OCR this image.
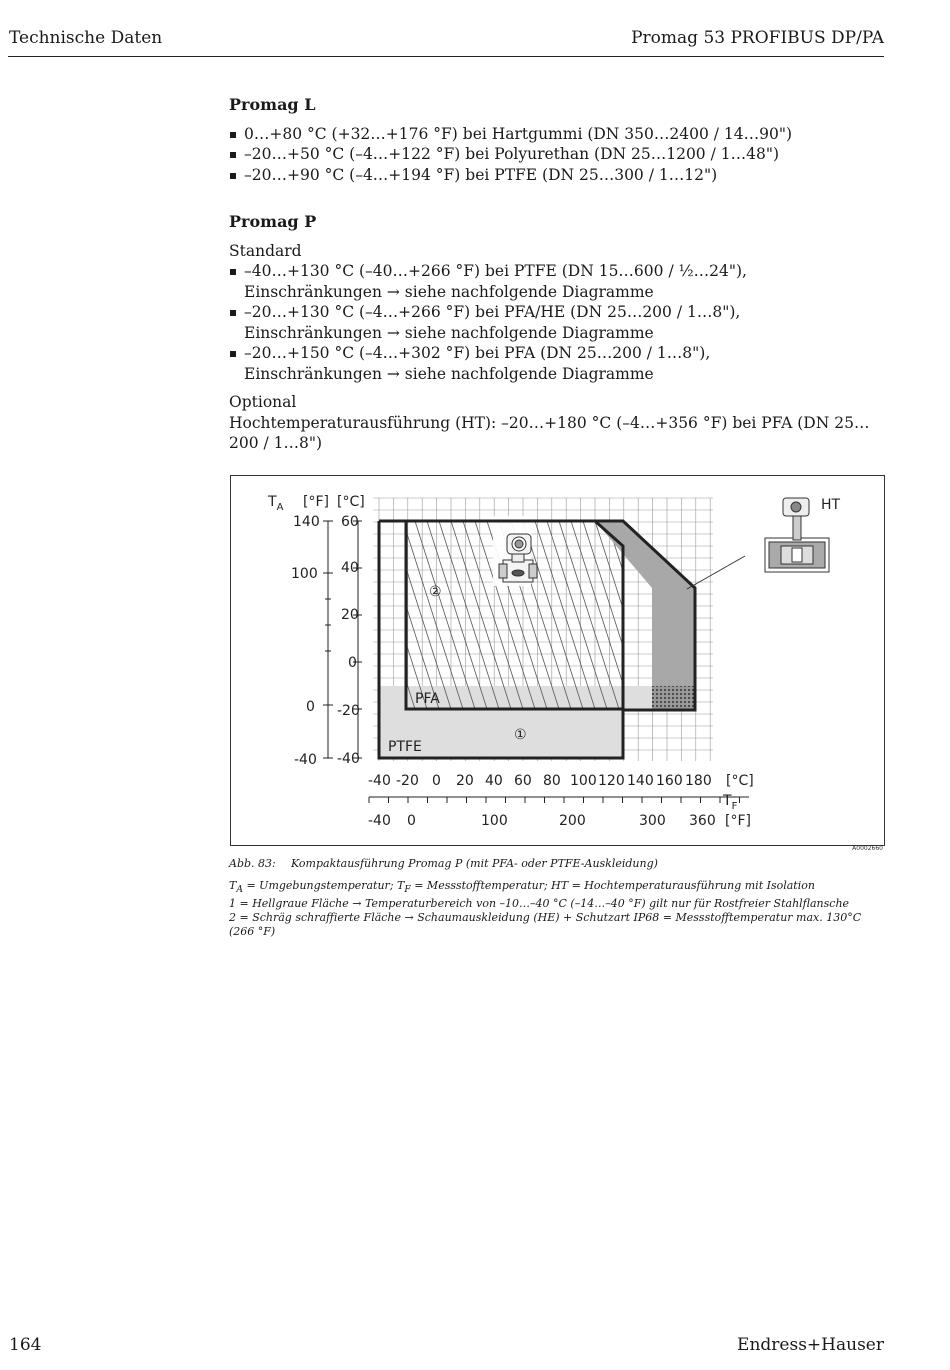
Technische Daten	Promag 53 PROFIBUS DP/PA
Promag L
0…+80 °C (+32…+176 °F) bei Hartgummi (DN 350…2400 / 14…90")
–20…+50 °C (–4…+122 °F) bei Polyurethan (DN 25…1200 / 1…48")
–20…+90 °C (–4…+194 °F) bei PTFE (DN 25…300 / 1…12")
Promag P
Standard
–40…+130 °C (–40…+266 °F) bei PTFE (DN 15…600 / ½…24"),
Einschränkungen → siehe nachfolgende Diagramme
–20…+130 °C (–4…+266 °F) bei PFA/HE (DN 25…200 / 1…8"),
Einschränkungen → siehe nachfolgende Diagramme
–20…+150 °C (–4…+302 °F) bei PFA (DN 25…200 / 1…8"),
Einschränkungen → siehe nachfolgende Diagramme
Optional
Hochtemperaturausführung (HT): –20…+180 °C (–4…+356 °F) bei PFA (DN 25…200 / 1…8")
$T_A$ [°F] [°C]
60
40
20
0
-20
-40
140
100
0
-40
-40 -20 0 20 40 60 80 100 120 140 160 180 [°C]
$T_F$
-40 0	100	200	300 360 [°F]
PFA
PTFE
HT
②
①
A0002660
Abb. 83: Kompaktausführung Promag P (mit PFA- oder PTFE-Auskleidung)
$T_A$ = Umgebungstemperatur; $T_F$ = Messstofftemperatur; HT = Hochtemperaturausführung mit Isolation
1 = Hellgraue Fläche → Temperaturbereich von –10…–40 °C (–14…–40 °F) gilt nur für Rostfreier Stahlflansche
2 = Schräg schraffierte Fläche → Schaumauskleidung (HE) + Schutzart IP68 = Messstofftemperatur max. 130°C (266 °F)
164	Endress+Hauser
